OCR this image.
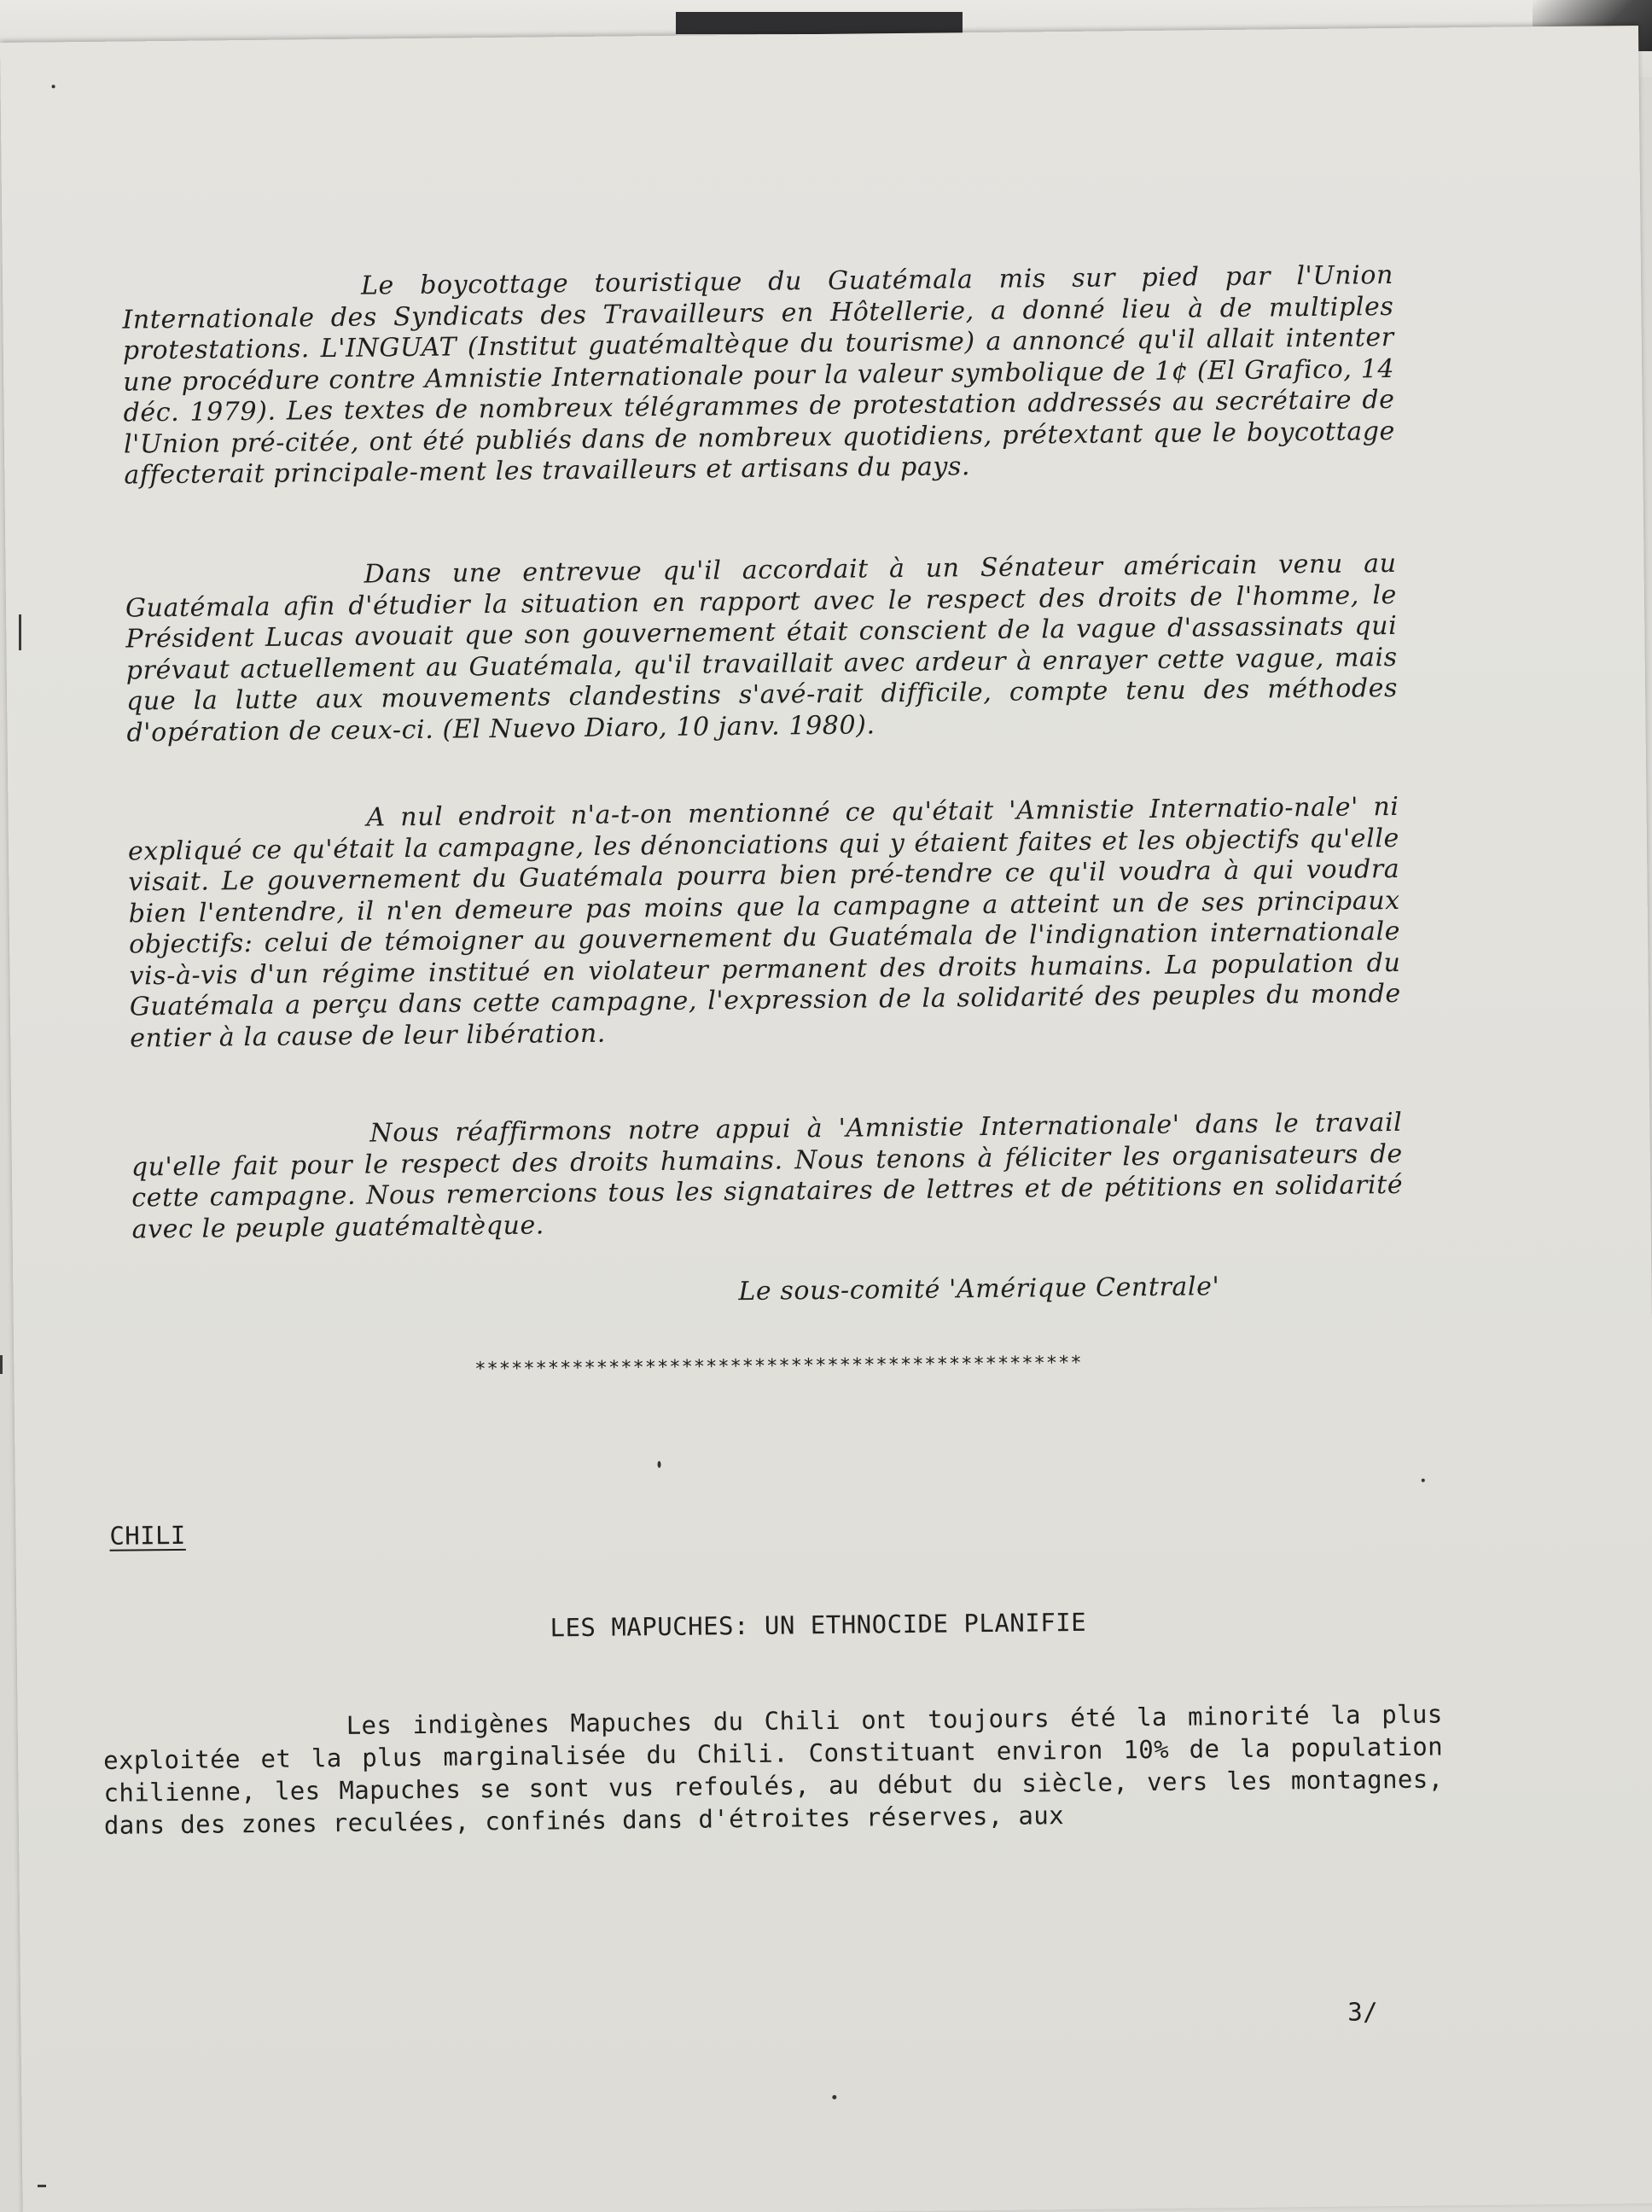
Le boycottage touristique du Guatémala mis sur pied par l'Union Internationale des Syndicats des Travailleurs en Hôtellerie, a donné lieu à de multiples protestations. L'INGUAT (Institut guatémaltèque du tourisme) a annoncé qu'il allait intenter une procédure contre Amnistie Internationale pour la valeur symbolique de 1¢ (El Grafico, 14 déc. 1979). Les textes de nombreux télégrammes de protestation addressés au secrétaire de l'Union pré-citée, ont été publiés dans de nombreux quotidiens, prétextant que le boycottage affecterait principale-ment les travailleurs et artisans du pays.
Dans une entrevue qu'il accordait à un Sénateur américain venu au Guatémala afin d'étudier la situation en rapport avec le respect des droits de l'homme, le Président Lucas avouait que son gouvernement était conscient de la vague d'assassinats qui prévaut actuellement au Guatémala, qu'il travaillait avec ardeur à enrayer cette vague, mais que la lutte aux mouvements clandestins s'avé-rait difficile, compte tenu des méthodes d'opération de ceux-ci. (El Nuevo Diaro, 10 janv. 1980).
A nul endroit n'a-t-on mentionné ce qu'était 'Amnistie Internatio-nale' ni expliqué ce qu'était la campagne, les dénonciations qui y étaient faites et les objectifs qu'elle visait. Le gouvernement du Guatémala pourra bien pré-tendre ce qu'il voudra à qui voudra bien l'entendre, il n'en demeure pas moins que la campagne a atteint un de ses principaux objectifs: celui de témoigner au gouvernement du Guatémala de l'indignation internationale vis-à-vis d'un régime institué en violateur permanent des droits humains. La population du Guatémala a perçu dans cette campagne, l'expression de la solidarité des peuples du monde entier à la cause de leur libération.
Nous réaffirmons notre appui à 'Amnistie Internationale' dans le travail qu'elle fait pour le respect des droits humains. Nous tenons à féliciter les organisateurs de cette campagne. Nous remercions tous les signataires de lettres et de pétitions en solidarité avec le peuple guatémaltèque.
Le sous-comité 'Amérique Centrale'
**************************************************
CHILI
LES MAPUCHES: UN ETHNOCIDE PLANIFIE
Les indigènes Mapuches du Chili ont toujours été la minorité la plus exploitée et la plus marginalisée du Chili. Constituant environ 10% de la population chilienne, les Mapuches se sont vus refoulés, au début du siècle, vers les montagnes, dans des zones reculées, confinés dans d'étroites réserves, aux
3/
